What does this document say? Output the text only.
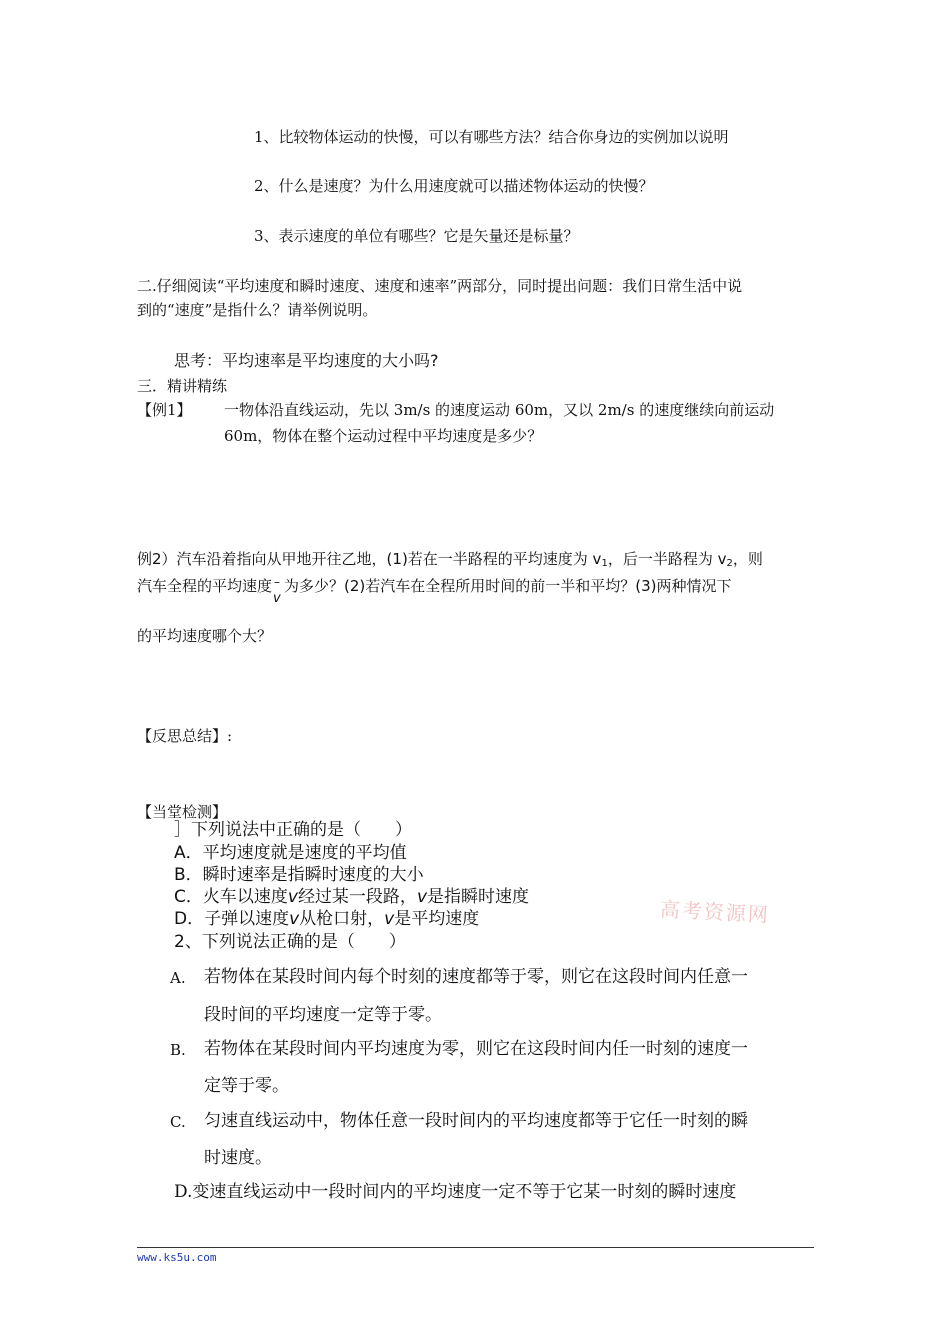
1、比较物体运动的快慢，可以有哪些方法？结合你身边的实例加以说明
2、什么是速度？为什么用速度就可以描述物体运动的快慢？
3、表示速度的单位有哪些？它是矢量还是标量？
二.仔细阅读“平均速度和瞬时速度、速度和速率”两部分，同时提出问题：我们日常生活中说
到的“速度”是指什么？请举例说明。
思考：平均速率是平均速度的大小吗?
三．精讲精练
【例1】 一物体沿直线运动，先以 3m/s 的速度运动 60m，又以 2m/s 的速度继续向前运动
60m，物体在整个运动过程中平均速度是多少？
例2）汽车沿着指向从甲地开往乙地，(1)若在一半路程的平均速度为 $v_1$，后一半路程为 $v_2$，则
汽车全程的平均速度 –
v
为多少？(2)若汽车在全程所用时间的前一半和平均？(3)两种情况下
的平均速度哪个大？
【反思总结】:
【当堂检测】
］下列说法中正确的是（　　）
A．平均速度就是速度的平均值
B．瞬时速率是指瞬时速度的大小
C．火车以速度v经过某一段路，v是指瞬时速度
D．子弹以速度v从枪口射，v是平均速度
2、下列说法正确的是（　　）
A. 若物体在某段时间内每个时刻的速度都等于零，则它在这段时间内任意一
段时间的平均速度一定等于零。
B. 若物体在某段时间内平均速度为零，则它在这段时间内任一时刻的速度一
定等于零。
C. 匀速直线运动中，物体任意一段时间内的平均速度都等于它任一时刻的瞬
时速度。
D.变速直线运动中一段时间内的平均速度一定不等于它某一时刻的瞬时速度
高考资源网
www.ks5u.com
